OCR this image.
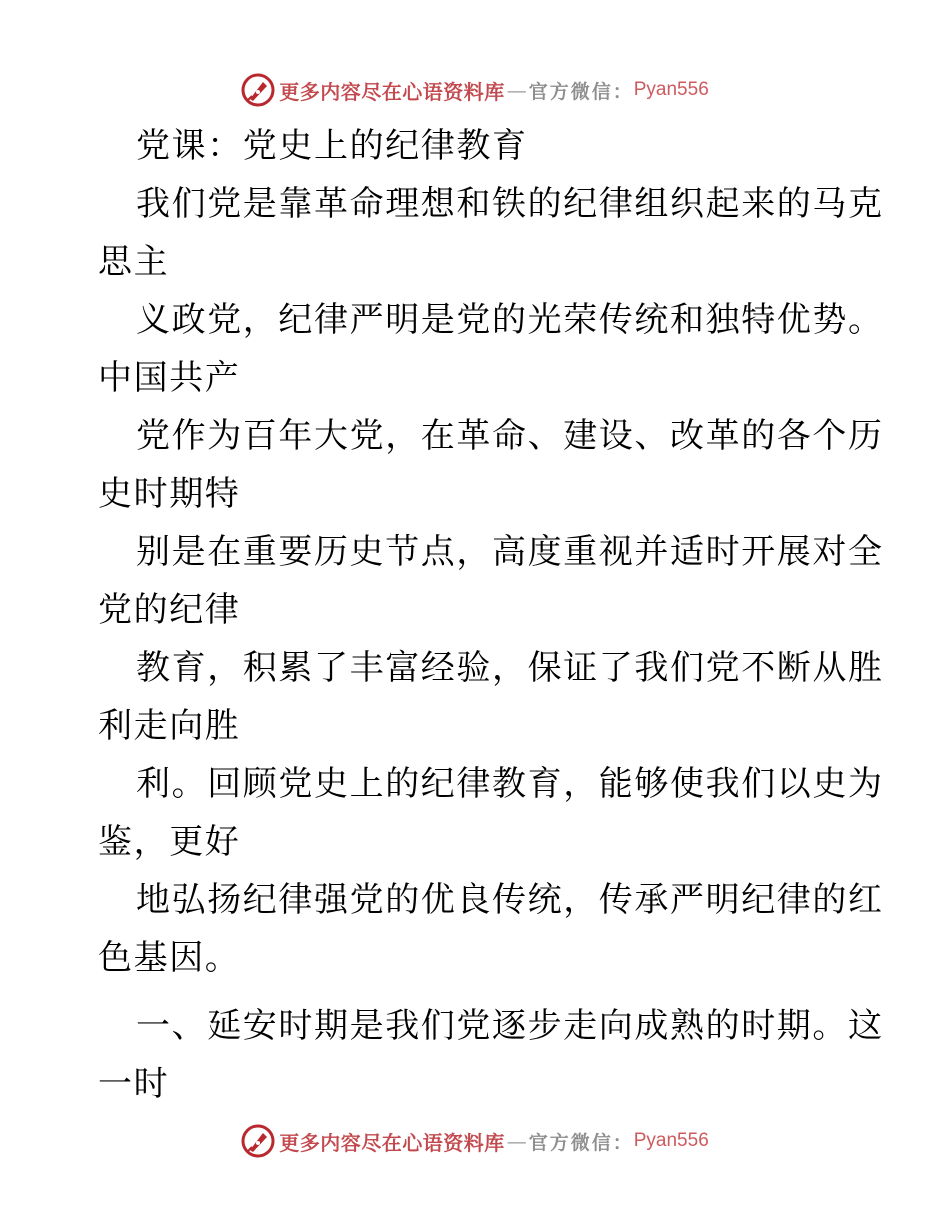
更多内容尽在心语资料库 — 官方微信： Pyan556
党课：党史上的纪律教育
我们党是靠革命理想和铁的纪律组织起来的马克
思主
义政党，纪律严明是党的光荣传统和独特优势。
中国共产
党作为百年大党，在革命、建设、改革的各个历
史时期特
别是在重要历史节点，高度重视并适时开展对全
党的纪律
教育，积累了丰富经验，保证了我们党不断从胜
利走向胜
利。回顾党史上的纪律教育，能够使我们以史为
鉴，更好
地弘扬纪律强党的优良传统，传承严明纪律的红
色基因。
一、延安时期是我们党逐步走向成熟的时期。这
一时
更多内容尽在心语资料库 — 官方微信： Pyan556
